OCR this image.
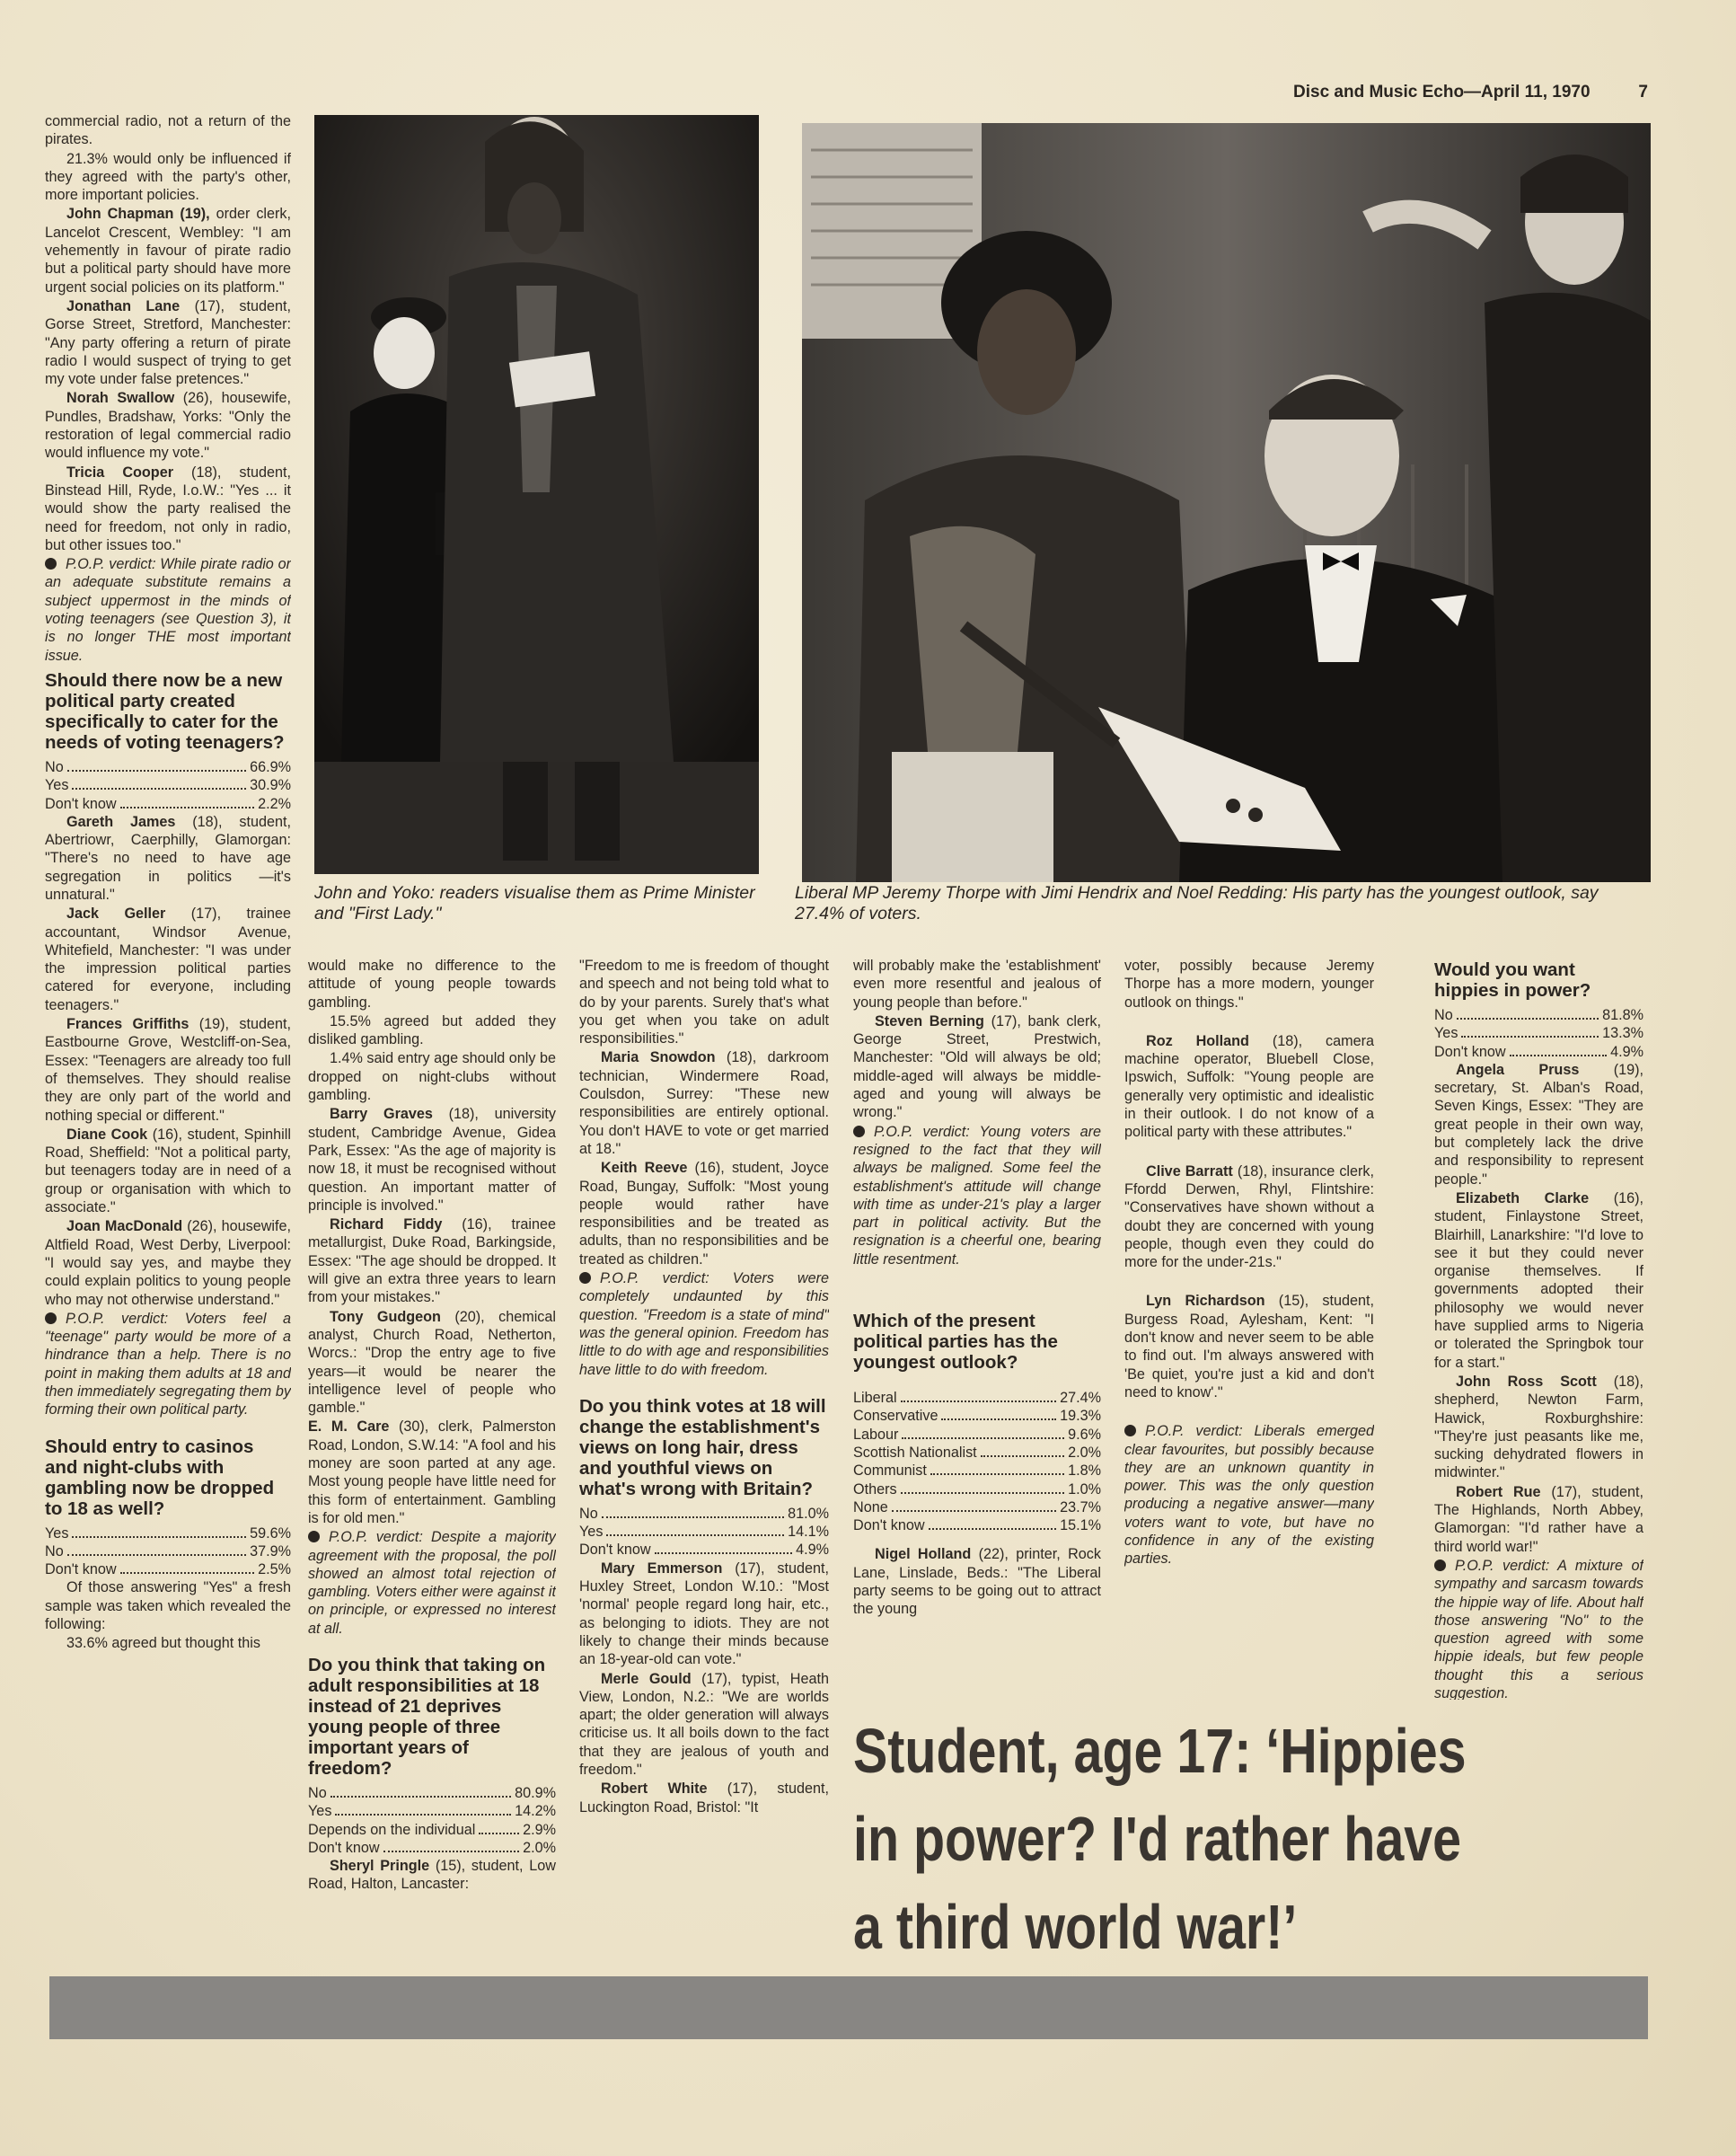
Disc and Music Echo—April 11, 1970	7
John and Yoko: readers visualise them as Prime Minister and "First Lady."
Liberal MP Jeremy Thorpe with Jimi Hendrix and Noel Redding: His party has the youngest outlook, say 27.4% of voters.

commercial radio, not a return of the pirates.

21.3% would only be influenced if they agreed with the party's other, more important policies.

John Chapman (19), order clerk, Lancelot Crescent, Wembley: "I am vehemently in favour of pirate radio but a political party should have more urgent social policies on its platform."

Jonathan Lane (17), student, Gorse Street, Stretford, Manchester: "Any party offering a return of pirate radio I would suspect of trying to get my vote under false pretences."

Norah Swallow (26), housewife, Pundles, Bradshaw, Yorks: "Only the restoration of legal commercial radio would influence my vote."

Tricia Cooper (18), student, Binstead Hill, Ryde, I.o.W.: "Yes ... it would show the party realised the need for freedom, not only in radio, but other issues too."

P.O.P. verdict: While pirate radio or an adequate substitute remains a subject uppermost in the minds of voting teenagers (see Question 3), it is no longer THE most important issue.

Should there now be a new political party created specifically to cater for the needs of voting teenagers?
No	66.9%
Yes	30.9%
Don't know	2.2%

Gareth James (18), student, Abertriowr, Caerphilly, Glamorgan: "There's no need to have age segregation in politics —it's unnatural."

Jack Geller (17), trainee accountant, Windsor Avenue, Whitefield, Manchester: "I was under the impression political parties catered for everyone, including teenagers."

Frances Griffiths (19), student, Eastbourne Grove, Westcliff-on-Sea, Essex: "Teenagers are already too full of themselves. They should realise they are only part of the world and nothing special or different."

Diane Cook (16), student, Spinhill Road, Sheffield: "Not a political party, but teenagers today are in need of a group or organisation with which to associate."

Joan MacDonald (26), housewife, Altfield Road, West Derby, Liverpool: "I would say yes, and maybe they could explain politics to young people who may not otherwise understand."

P.O.P. verdict: Voters feel a "teenage" party would be more of a hindrance than a help. There is no point in making them adults at 18 and then immediately segregating them by forming their own political party.

Should entry to casinos and night-clubs with gambling now be dropped to 18 as well?
Yes	59.6%
No	37.9%
Don't know	2.5%

Of those answering "Yes" a fresh sample was taken which revealed the following:

33.6% agreed but thought this

would make no difference to the attitude of young people towards gambling.

15.5% agreed but added they disliked gambling.

1.4% said entry age should only be dropped on night-clubs without gambling.

Barry Graves (18), university student, Cambridge Avenue, Gidea Park, Essex: "As the age of majority is now 18, it must be recognised without question. An important matter of principle is involved."

Richard Fiddy (16), trainee metallurgist, Duke Road, Barkingside, Essex: "The age should be dropped. It will give an extra three years to learn from your mistakes."

Tony Gudgeon (20), chemical analyst, Church Road, Netherton, Worcs.: "Drop the entry age to five years—it would be nearer the intelligence level of people who gamble."

E. M. Care (30), clerk, Palmerston Road, London, S.W.14: "A fool and his money are soon parted at any age. Most young people have little need for this form of entertainment. Gambling is for old men."

P.O.P. verdict: Despite a majority agreement with the proposal, the poll showed an almost total rejection of gambling. Voters either were against it on principle, or expressed no interest at all.

Do you think that taking on adult responsibilities at 18 instead of 21 deprives young people of three important years of freedom?
No	80.9%
Yes	14.2%
Depends on the individual	2.9%
Don't know	2.0%

Sheryl Pringle (15), student, Low Road, Halton, Lancaster:

"Freedom to me is freedom of thought and speech and not being told what to do by your parents. Surely that's what you get when you take on adult responsibilities."

Maria Snowdon (18), darkroom technician, Windermere Road, Coulsdon, Surrey: "These new responsibilities are entirely optional. You don't HAVE to vote or get married at 18."

Keith Reeve (16), student, Joyce Road, Bungay, Suffolk: "Most young people would rather have responsibilities and be treated as adults, than no responsibilities and be treated as children."

P.O.P. verdict: Voters were completely undaunted by this question. "Freedom is a state of mind" was the general opinion. Freedom has little to do with age and responsibilities have little to do with freedom.

Do you think votes at 18 will change the establishment's views on long hair, dress and youthful views on what's wrong with Britain?
No	81.0%
Yes	14.1%
Don't know	4.9%

Mary Emmerson (17), student, Huxley Street, London W.10.: "Most 'normal' people regard long hair, etc., as belonging to idiots. They are not likely to change their minds because an 18-year-old can vote."

Merle Gould (17), typist, Heath View, London, N.2.: "We are worlds apart; the older generation will always criticise us. It all boils down to the fact that they are jealous of youth and freedom."

Robert White (17), student, Luckington Road, Bristol: "It

will probably make the 'establishment' even more resentful and jealous of young people than before."

Steven Berning (17), bank clerk, George Street, Prestwich, Manchester: "Old will always be old; middle-aged will always be middle-aged and young will always be wrong."

P.O.P. verdict: Young voters are resigned to the fact that they will always be maligned. Some feel the establishment's attitude will change with time as under-21's play a larger part in political activity. But the resignation is a cheerful one, bearing little resentment.

Which of the present political parties has the youngest outlook?
Liberal	27.4%
Conservative	19.3%
Labour	9.6%
Scottish Nationalist	2.0%
Communist	1.8%
Others	1.0%
None	23.7%
Don't know	15.1%

Nigel Holland (22), printer, Rock Lane, Linslade, Beds.: "The Liberal party seems to be going out to attract the young

voter, possibly because Jeremy Thorpe has a more modern, younger outlook on things."

Roz Holland (18), camera machine operator, Bluebell Close, Ipswich, Suffolk: "Young people are generally very optimistic and idealistic in their outlook. I do not know of a political party with these attributes."

Clive Barratt (18), insurance clerk, Ffordd Derwen, Rhyl, Flintshire: "Conservatives have shown without a doubt they are concerned with young people, though even they could do more for the under-21s."

Lyn Richardson (15), student, Burgess Road, Aylesham, Kent: "I don't know and never seem to be able to find out. I'm always answered with 'Be quiet, you're just a kid and don't need to know'."

P.O.P. verdict: Liberals emerged clear favourites, but possibly because they are an unknown quantity in power. This was the only question producing a negative answer—many voters want to vote, but have no confidence in any of the existing parties.

Would you want hippies in power?
No	81.8%
Yes	13.3%
Don't know	4.9%

Angela Pruss (19), secretary, St. Alban's Road, Seven Kings, Essex: "They are great people in their own way, but completely lack the drive and responsibility to represent people."

Elizabeth Clarke (16), student, Finlaystone Street, Blairhill, Lanarkshire: "I'd love to see it but they could never organise themselves. If governments adopted their philosophy we would never have supplied arms to Nigeria or tolerated the Springbok tour for a start."

John Ross Scott (18), shepherd, Newton Farm, Hawick, Roxburghshire: "They're just peasants like me, sucking dehydrated flowers in midwinter."

Robert Rue (17), student, The Highlands, North Abbey, Glamorgan: "I'd rather have a third world war!"

P.O.P. verdict: A mixture of sympathy and sarcasm towards the hippie way of life. About half those answering "No" to the question agreed with some hippie ideals, but few people thought this a serious suggestion.

Student, age 17: ‘Hippies
in power? I'd rather have
a third world war!’
